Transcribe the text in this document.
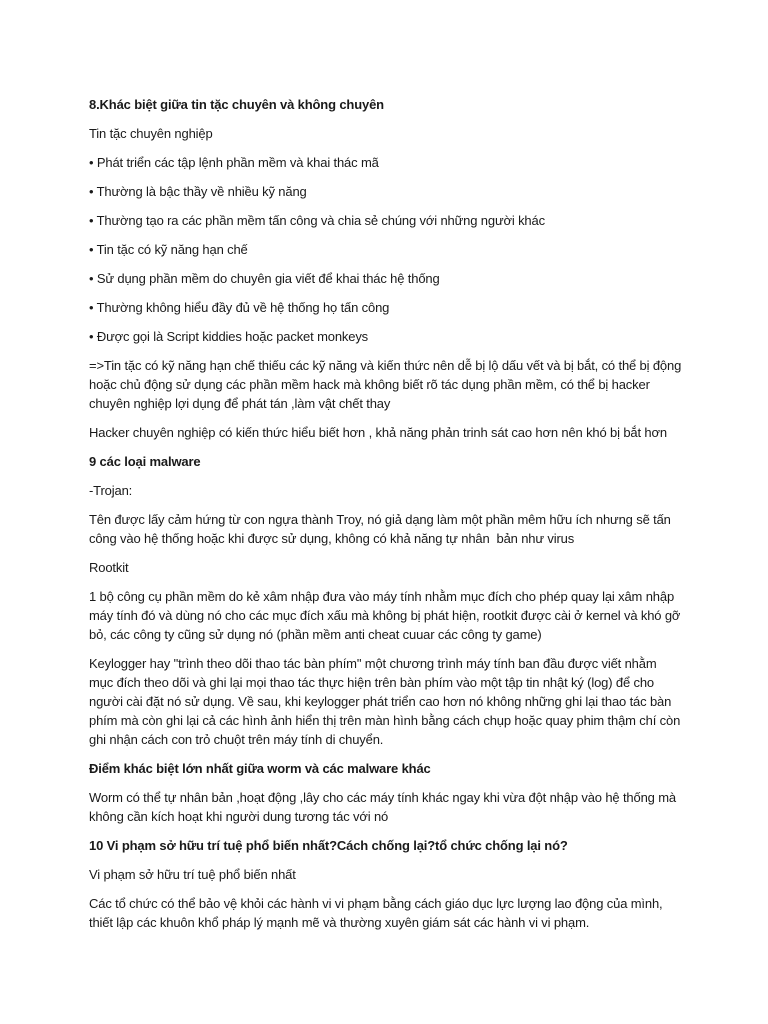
8.Khác biệt giữa tin tặc chuyên và không chuyên

Tin tặc chuyên nghiệp

• Phát triển các tập lệnh phần mềm và khai thác mã

• Thường là bậc thầy về nhiều kỹ năng

• Thường tạo ra các phần mềm tấn công và chia sẻ chúng với những người khác

• Tin tặc có kỹ năng hạn chế

• Sử dụng phần mềm do chuyên gia viết để khai thác hệ thống

• Thường không hiểu đầy đủ về hệ thống họ tấn công

• Được gọi là Script kiddies hoặc packet monkeys

=>Tin tặc có kỹ năng hạn chế thiếu các kỹ năng và kiến thức nên dễ bị lộ dấu vết và bị bắt, có thể bị động
hoặc chủ động sử dụng các phần mềm hack mà không biết rõ tác dụng phần mềm, có thể bị hacker
chuyên nghiệp lợi dụng để phát tán ,làm vật chết thay

Hacker chuyên nghiệp có kiến thức hiểu biết hơn , khả năng phản trinh sát cao hơn nên khó bị bắt hơn

9 các loại malware

-Trojan:

Tên được lấy cảm hứng từ con ngựa thành Troy, nó giả dạng làm một phần mêm hữu ích nhưng sẽ tấn
công vào hệ thống hoặc khi được sử dụng, không có khả năng tự nhân  bản như virus

Rootkit

1 bộ công cụ phần mềm do kẻ xâm nhập đưa vào máy tính nhằm mục đích cho phép quay lại xâm nhập
máy tính đó và dùng nó cho các mục đích xấu mà không bị phát hiện, rootkit được cài ở kernel và khó gỡ
bỏ, các công ty cũng sử dụng nó (phần mềm anti cheat cuuar các công ty game)

Keylogger hay "trình theo dõi thao tác bàn phím" một chương trình máy tính ban đầu được viết nhằm
mục đích theo dõi và ghi lại mọi thao tác thực hiện trên bàn phím vào một tập tin nhật ký (log) để cho
người cài đặt nó sử dụng. Về sau, khi keylogger phát triển cao hơn nó không những ghi lại thao tác bàn
phím mà còn ghi lại cả các hình ảnh hiển thị trên màn hình bằng cách chụp hoặc quay phim thậm chí còn
ghi nhận cách con trỏ chuột trên máy tính di chuyển.

Điểm khác biệt lớn nhất giữa worm và các malware khác

Worm có thể tự nhân bản ,hoạt động ,lây cho các máy tính khác ngay khi vừa đột nhập vào hệ thống mà
không cần kích hoạt khi người dung tương tác với nó

10 Vi phạm sở hữu trí tuệ phổ biến nhất?Cách chống lại?tổ chức chống lại nó?

Vi phạm sở hữu trí tuệ phổ biến nhất

Các tổ chức có thể bảo vệ khỏi các hành vi vi phạm bằng cách giáo dục lực lượng lao động của mình,
thiết lập các khuôn khổ pháp lý mạnh mẽ và thường xuyên giám sát các hành vi vi phạm.
